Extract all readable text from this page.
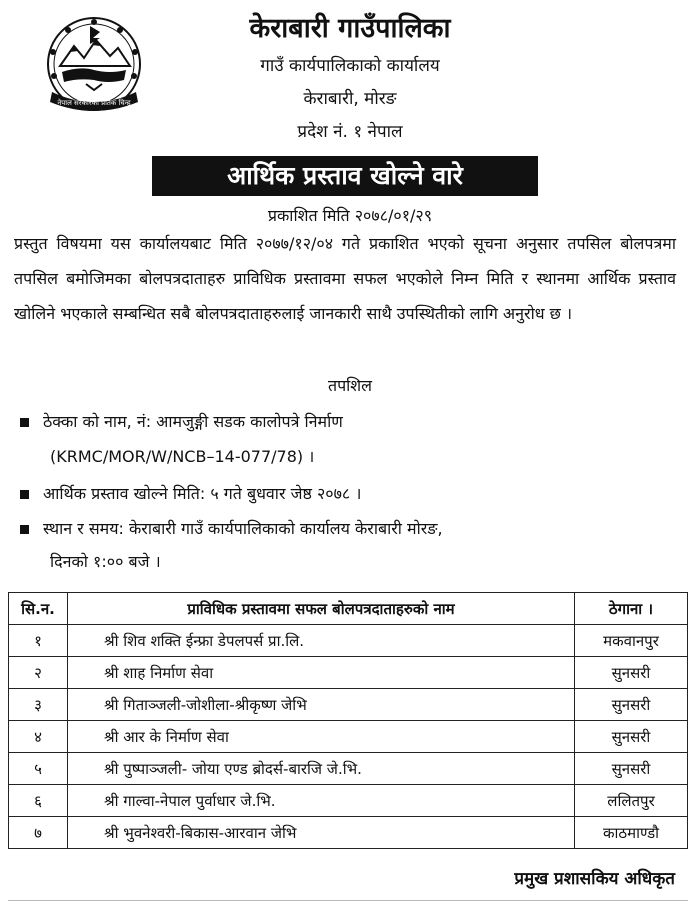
नेपाल सरकारको प्रतिक चिन्ह
केराबारी गाउँपालिका

गाउँ कार्यपालिकाको कार्यालय

केराबारी, मोरङ

प्रदेश नं. १ नेपाल

आर्थिक प्रस्ताव खोल्ने वारे
प्रकाशित मिति २०७८/०१/२९

प्रस्तुत विषयमा यस कार्यालयबाट मिति २०७७/१२/०४ गते प्रकाशित भएको सूचना अनुसार तपसिल बोलपत्रमा तपसिल बमोजिमका बोलपत्रदाताहरु प्राविधिक प्रस्तावमा सफल भएकोले निम्न मिति र स्थानमा आर्थिक प्रस्ताव खोलिने भएकाले सम्बन्धित सबै बोलपत्रदाताहरुलाई जानकारी साथै उपस्थितीको लागि अनुरोध छ ।

तपशिल

ठेक्का को नाम, नं: आमजुङ्गी सडक कालोपत्रे निर्माण

(KRMC/MOR/W/NCB–14-077/78) ।

आर्थिक प्रस्ताव खोल्ने मिति: ५ गते बुधवार जेष्ठ २०७८ ।

स्थान र समय: केराबारी गाउँ कार्यपालिकाको कार्यालय केराबारी मोरङ,

दिनको १:०० बजे ।
सि.न.	प्राविधिक प्रस्तावमा सफल बोलपत्रदाताहरुको नाम	ठेगाना ।
१	श्री शिव शक्ति ईन्फ्रा डेपलपर्स प्रा.लि.	मकवानपुर
२	श्री शाह निर्माण सेवा	सुनसरी
३	श्री गिताञ्जली-जोशीला-श्रीकृष्ण जेभि	सुनसरी
४	श्री आर के निर्माण सेवा	सुनसरी
५	श्री पुष्पाञ्जली- जोया एण्ड ब्रोदर्स-बारजि जे.भि.	सुनसरी
६	श्री गाल्वा-नेपाल पुर्वाधार जे.भि.	ललितपुर
७	श्री भुवनेश्वरी-बिकास-आरवान जेभि	काठमाण्डौ
प्रमुख प्रशासकिय अधिकृत
